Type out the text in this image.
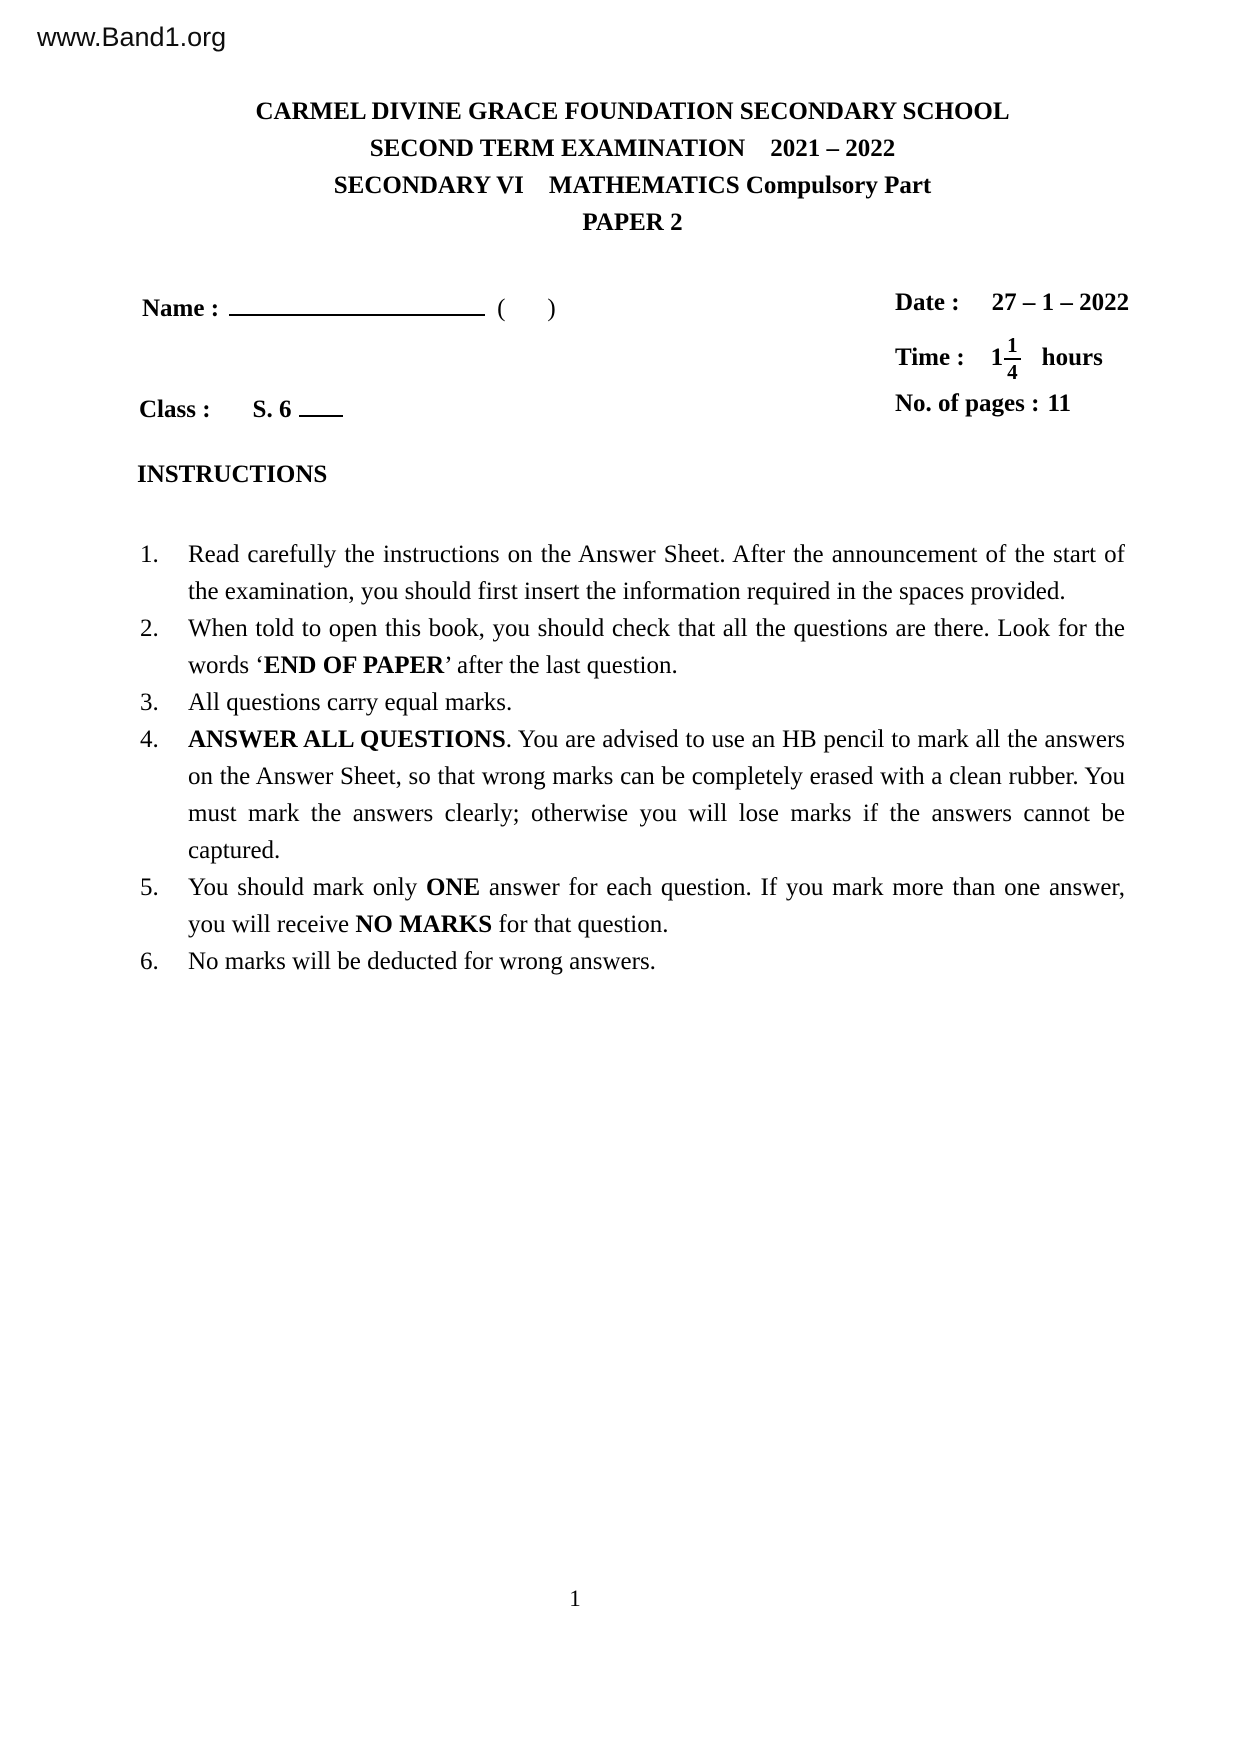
www.Band1.org
CARMEL DIVINE GRACE FOUNDATION SECONDARY SCHOOL
SECOND TERM EXAMINATION    2021 – 2022
SECONDARY VI    MATHEMATICS Compulsory Part
PAPER 2
Name :	( )	Date : 27 – 1 – 2022
Time : $1 \frac{1}{4}$ hours
Class : S. 6	No. of pages : 11
INSTRUCTIONS
1.	Read carefully the instructions on the Answer Sheet. After the announcement of the start of the examination, you should first insert the information required in the spaces provided.
2.	When told to open this book, you should check that all the questions are there. Look for the words ‘END OF PAPER’ after the last question.
3.	All questions carry equal marks.
4.	ANSWER ALL QUESTIONS. You are advised to use an HB pencil to mark all the answers on the Answer Sheet, so that wrong marks can be completely erased with a clean rubber. You must mark the answers clearly; otherwise you will lose marks if the answers cannot be captured.
5.	You should mark only ONE answer for each question. If you mark more than one answer, you will receive NO MARKS for that question.
6.	No marks will be deducted for wrong answers.
1
